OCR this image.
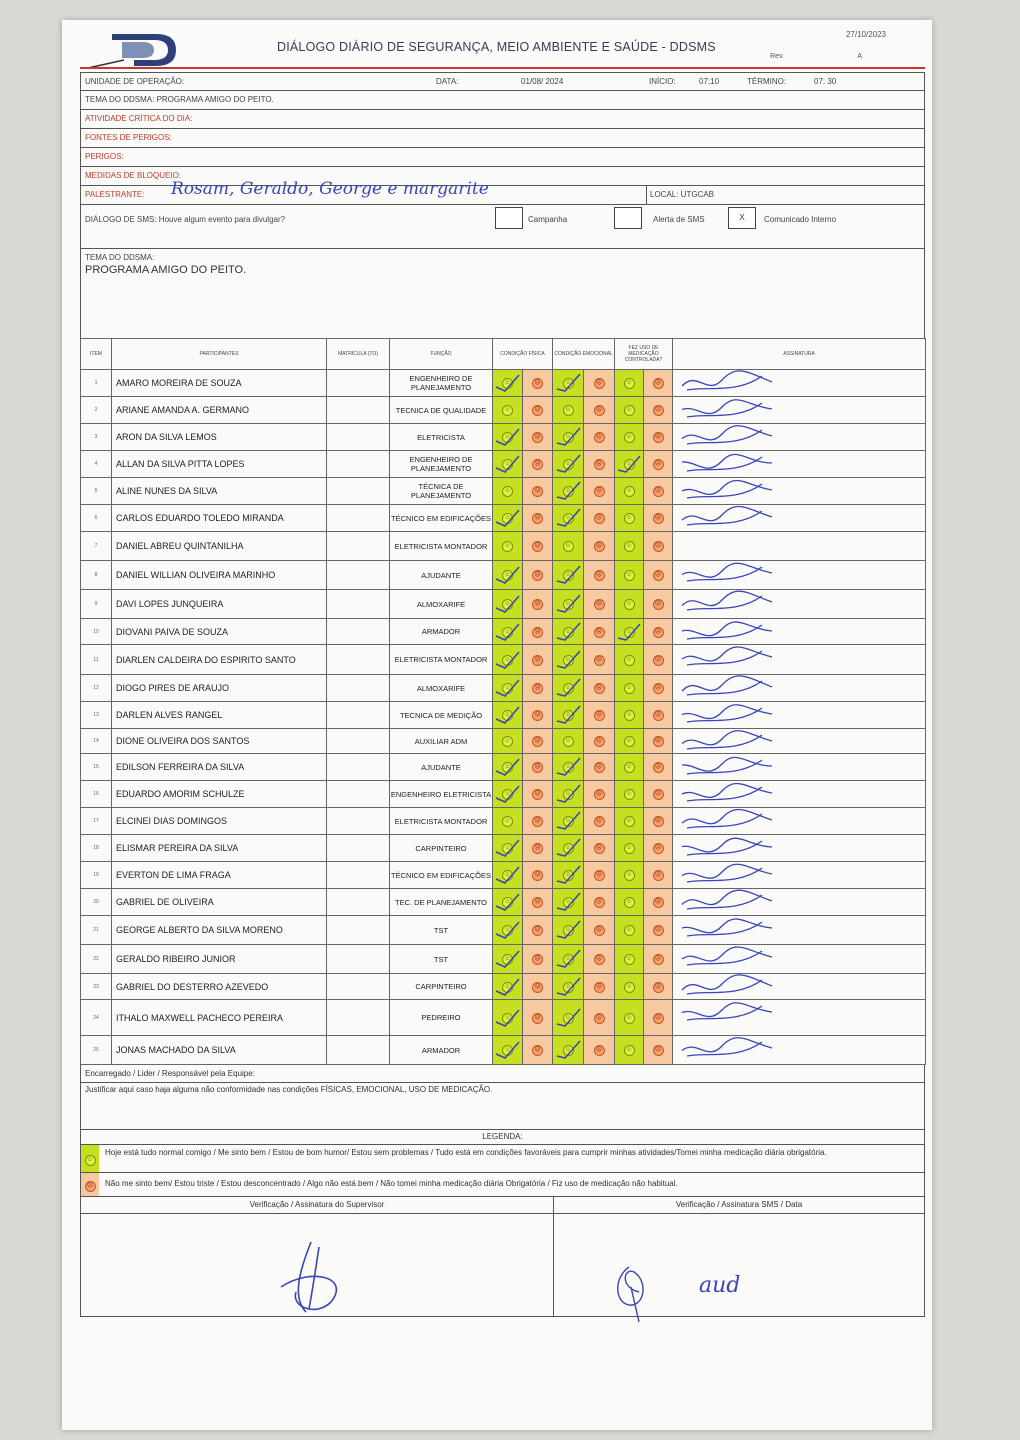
DIÁLOGO DIÁRIO DE SEGURANÇA, MEIO AMBIENTE E SAÚDE - DDSMS
27/10/2023
Rev.	A
UNIDADE DE OPERAÇÃO:	DATA:	01/08/ 2024	INÍCIO:	07:10	TÉRMINO:	07: 30
TEMA DO DDSMA: PROGRAMA AMIGO DO PEITO.
ATIVIDADE CRÍTICA DO DIA:
FONTES DE PERIGOS:
PERIGOS:
MEDIDAS DE BLOQUEIO:
PALESTRANTE: Rosam, Geraldo, George e margarite	LOCAL: UTGCAB
DIÁLOGO DE SMS: Houve algum evento para divulgar?	Campanha	Alerta de SMS	X	Comunicado Interno
TEMA DO DDSMA:
PROGRAMA AMIGO DO PEITO.
ITEM	PARTICIPANTES	MATRÍCULA (TO)	FUNÇÃO	CONDIÇÃO FÍSICA		CONDIÇÃO EMOCIONAL		FEZ USO DE MEDICAÇÃO CONTROLADA?		ASSINATURA
1	AMARO MOREIRA DE SOUZA		ENGENHEIRO DE PLANEJAMENTO	☺	☹	☺	☹	☺	☹	

2	ARIANE AMANDA A. GERMANO		TECNICA DE QUALIDADE	☺	☹	☺	☹	☺	☹	

3	ARON DA SILVA LEMOS		ELETRICISTA	☺	☹	☺	☹	☺	☹	

4	ALLAN DA SILVA PITTA LOPES		ENGENHEIRO DE PLANEJAMENTO	☺	☹	☺	☹	☺	☹	

5	ALINE NUNES DA SILVA		TÉCNICA DE PLANEJAMENTO	☺	☹	☺	☹	☺	☹	

6	CARLOS EDUARDO TOLEDO MIRANDA		TÉCNICO EM EDIFICAÇÕES	☺	☹	☺	☹	☺	☹	

7	DANIEL ABREU QUINTANILHA		ELETRICISTA MONTADOR	☺	☹	☺	☹	☺	☹	
8	DANIEL WILLIAN OLIVEIRA MARINHO		AJUDANTE	☺	☹	☺	☹	☺	☹	

9	DAVI LOPES JUNQUEIRA		ALMOXARIFE	☺	☹	☺	☹	☺	☹	

10	DIOVANI PAIVA DE SOUZA		ARMADOR	☺	☹	☺	☹	☺	☹	

11	DIARLEN CALDEIRA DO ESPIRITO SANTO		ELETRICISTA MONTADOR	☺	☹	☺	☹	☺	☹	

12	DIOGO PIRES DE ARAUJO		ALMOXARIFE	☺	☹	☺	☹	☺	☹	

13	DARLEN ALVES RANGEL		TECNICA DE MEDIÇÃO	☺	☹	☺	☹	☺	☹	

14	DIONE OLIVEIRA DOS SANTOS		AUXILIAR ADM	☺	☹	☺	☹	☺	☹	

15	EDILSON FERREIRA DA SILVA		AJUDANTE	☺	☹	☺	☹	☺	☹	

16	EDUARDO AMORIM SCHULZE		ENGENHEIRO ELETRICISTA	☺	☹	☺	☹	☺	☹	

17	ELCINEI DIAS DOMINGOS		ELETRICISTA MONTADOR	☺	☹	☺	☹	☺	☹	

18	ELISMAR PEREIRA DA SILVA		CARPINTEIRO	☺	☹	☺	☹	☺	☹	

19	EVERTON DE LIMA FRAGA		TÉCNICO EM EDIFICAÇÕES	☺	☹	☺	☹	☺	☹	

20	GABRIEL DE OLIVEIRA		TEC. DE PLANEJAMENTO	☺	☹	☺	☹	☺	☹	

21	GEORGE ALBERTO DA SILVA MORENO		TST	☺	☹	☺	☹	☺	☹	

22	GERALDO RIBEIRO JUNIOR		TST	☺	☹	☺	☹	☺	☹	

23	GABRIEL DO DESTERRO AZEVEDO		CARPINTEIRO	☺	☹	☺	☹	☺	☹	

24	ITHALO MAXWELL PACHECO PEREIRA		PEDREIRO	☺	☹	☺	☹	☺	☹	

25	JONAS MACHADO DA SILVA		ARMADOR	☺	☹	☺	☹	☺	☹	
Encarregado / Lider / Responsável pela Equipe:
Justificar aqui caso haja alguma não conformidade nas condições FÍSICAS, EMOCIONAL, USO DE MEDICAÇÃO.
LEGENDA:
☺
Hoje está tudo normal comigo / Me sinto bem / Estou de bom humor/ Estou sem problemas / Tudo está em condições favoráveis para cumprir minhas atividades/Tomei minha medicação diária obrigatória.
☹	Não me sinto bem/ Estou triste / Estou desconcentrado / Algo não está bem / Não tomei minha medicação diária Obrigatória / Fiz uso de medicação não habitual.
Verificação / Assinatura do Supervisor	Verificação / Assinatura SMS / Data
aud
